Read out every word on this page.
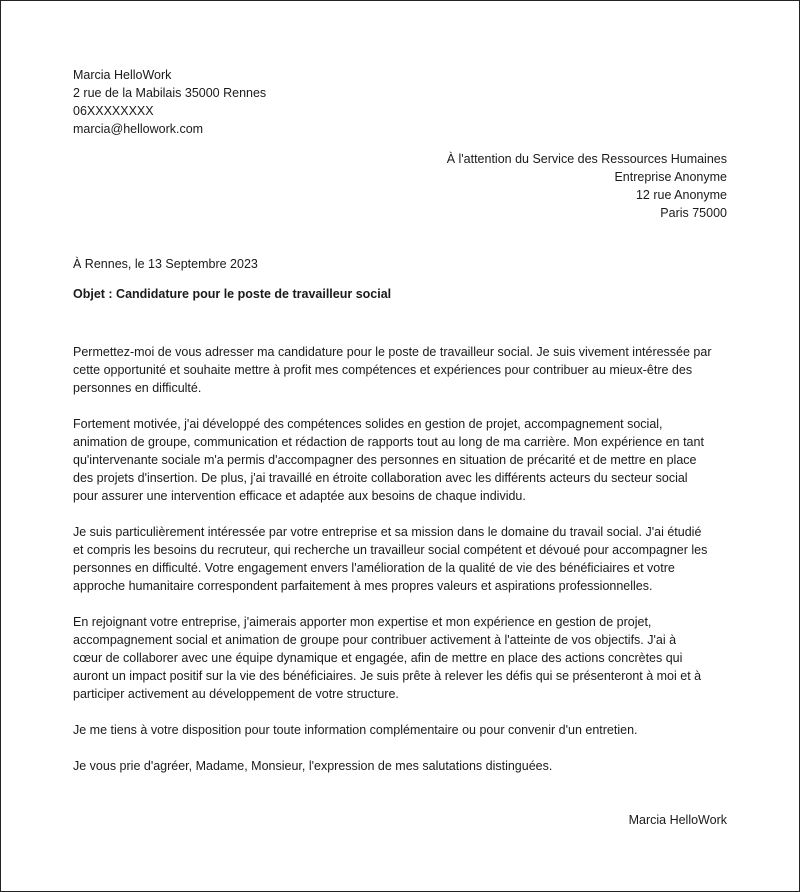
Marcia HelloWork
2 rue de la Mabilais 35000 Rennes
06XXXXXXXX
marcia@hellowork.com
À l'attention du Service des Ressources Humaines
Entreprise Anonyme
12 rue Anonyme
Paris 75000
À Rennes, le 13 Septembre 2023
Objet : Candidature pour le poste de travailleur social

Permettez-moi de vous adresser ma candidature pour le poste de travailleur social. Je suis vivement intéressée par
cette opportunité et souhaite mettre à profit mes compétences et expériences pour contribuer au mieux-être des
personnes en difficulté.

Fortement motivée, j'ai développé des compétences solides en gestion de projet, accompagnement social,
animation de groupe, communication et rédaction de rapports tout au long de ma carrière. Mon expérience en tant
qu'intervenante sociale m'a permis d'accompagner des personnes en situation de précarité et de mettre en place
des projets d'insertion. De plus, j'ai travaillé en étroite collaboration avec les différents acteurs du secteur social
pour assurer une intervention efficace et adaptée aux besoins de chaque individu.

Je suis particulièrement intéressée par votre entreprise et sa mission dans le domaine du travail social. J'ai étudié
et compris les besoins du recruteur, qui recherche un travailleur social compétent et dévoué pour accompagner les
personnes en difficulté. Votre engagement envers l'amélioration de la qualité de vie des bénéficiaires et votre
approche humanitaire correspondent parfaitement à mes propres valeurs et aspirations professionnelles.

En rejoignant votre entreprise, j'aimerais apporter mon expertise et mon expérience en gestion de projet,
accompagnement social et animation de groupe pour contribuer activement à l'atteinte de vos objectifs. J'ai à
cœur de collaborer avec une équipe dynamique et engagée, afin de mettre en place des actions concrètes qui
auront un impact positif sur la vie des bénéficiaires. Je suis prête à relever les défis qui se présenteront à moi et à
participer activement au développement de votre structure.

Je me tiens à votre disposition pour toute information complémentaire ou pour convenir d'un entretien.

Je vous prie d'agréer, Madame, Monsieur, l'expression de mes salutations distinguées.

Marcia HelloWork
